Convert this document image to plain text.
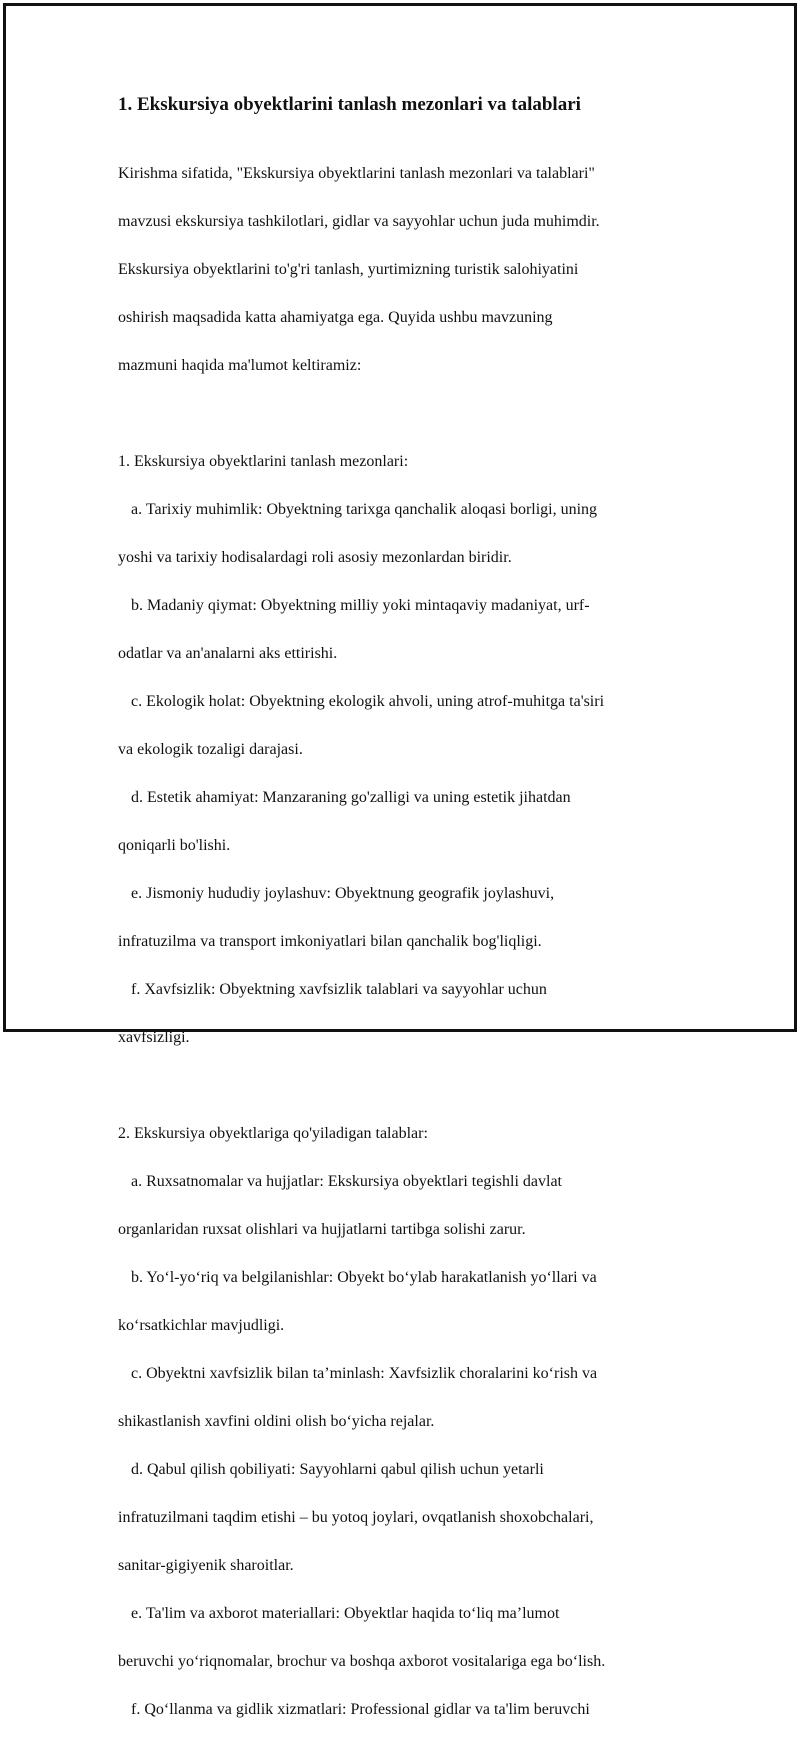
1. Ekskursiya obyektlarini tanlash mezonlari va talablari

Kirishma sifatida, "Ekskursiya obyektlarini tanlash mezonlari va talablari"

mavzusi ekskursiya tashkilotlari, gidlar va sayyohlar uchun juda muhimdir.

Ekskursiya obyektlarini to'g'ri tanlash, yurtimizning turistik salohiyatini

oshirish maqsadida katta ahamiyatga ega. Quyida ushbu mavzuning

mazmuni haqida ma'lumot keltiramiz:

1. Ekskursiya obyektlarini tanlash mezonlari:

a. Tarixiy muhimlik: Obyektning tarixga qanchalik aloqasi borligi, uning

yoshi va tarixiy hodisalardagi roli asosiy mezonlardan biridir.

b. Madaniy qiymat: Obyektning milliy yoki mintaqaviy madaniyat, urf-

odatlar va an'analarni aks ettirishi.

c. Ekologik holat: Obyektning ekologik ahvoli, uning atrof-muhitga ta'siri

va ekologik tozaligi darajasi.

d. Estetik ahamiyat: Manzaraning go'zalligi va uning estetik jihatdan

qoniqarli bo'lishi.

e. Jismoniy hududiy joylashuv: Obyektnung geografik joylashuvi,

infratuzilma va transport imkoniyatlari bilan qanchalik bog'liqligi.

f. Xavfsizlik: Obyektning xavfsizlik talablari va sayyohlar uchun

xavfsizligi.

2. Ekskursiya obyektlariga qo'yiladigan talablar:

a. Ruxsatnomalar va hujjatlar: Ekskursiya obyektlari tegishli davlat

organlaridan ruxsat olishlari va hujjatlarni tartibga solishi zarur.

b. Yo‘l-yo‘riq va belgilanishlar: Obyekt bo‘ylab harakatlanish yo‘llari va

ko‘rsatkichlar mavjudligi.

c. Obyektni xavfsizlik bilan ta’minlash: Xavfsizlik choralarini ko‘rish va

shikastlanish xavfini oldini olish bo‘yicha rejalar.

d. Qabul qilish qobiliyati: Sayyohlarni qabul qilish uchun yetarli

infratuzilmani taqdim etishi – bu yotoq joylari, ovqatlanish shoxobchalari,

sanitar-gigiyenik sharoitlar.

e. Ta'lim va axborot materiallari: Obyektlar haqida to‘liq ma’lumot

beruvchi yo‘riqnomalar, brochur va boshqa axborot vositalariga ega bo‘lish.

f. Qo‘llanma va gidlik xizmatlari: Professional gidlar va ta'lim beruvchi
